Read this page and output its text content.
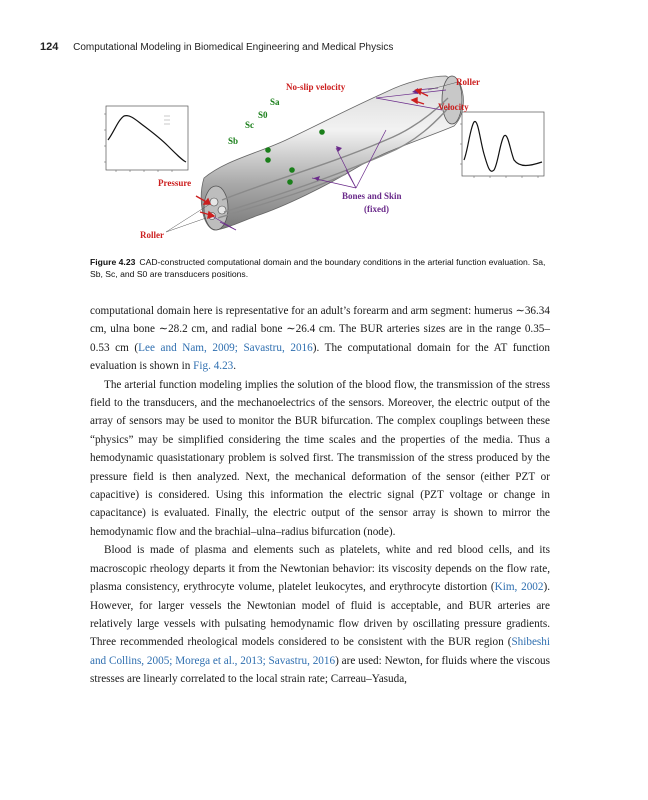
124 Computational Modeling in Biomedical Engineering and Medical Physics
No-slip velocity	Roller
Velocity
Sa
S0
Sc
Sb
Pressure
Bones and Skin
(fixed)
Roller
Figure 4.23 CAD-constructed computational domain and the boundary conditions in the arterial function evaluation. Sa, Sb, Sc, and S0 are transducers positions.

computational domain here is representative for an adult’s forearm and arm segment: humerus ∼36.34 cm, ulna bone ∼28.2 cm, and radial bone ∼26.4 cm. The BUR arteries sizes are in the range 0.35–0.53 cm (Lee and Nam, 2009; Savastru, 2016). The computational domain for the AT function evaluation is shown in Fig. 4.23.

The arterial function modeling implies the solution of the blood flow, the transmission of the stress field to the transducers, and the mechanoelectrics of the sensors. Moreover, the electric output of the array of sensors may be used to monitor the BUR bifurcation. The complex couplings between these “physics” may be simplified considering the time scales and the properties of the media. Thus a hemodynamic quasistationary problem is solved first. The transmission of the stress produced by the pressure field is then analyzed. Next, the mechanical deformation of the sensor (either PZT or capacitive) is considered. Using this information the electric signal (PZT voltage or change in capacitance) is evaluated. Finally, the electric output of the sensor array is shown to mirror the hemodynamic flow and the brachial–ulna–radius bifurcation (node).

Blood is made of plasma and elements such as platelets, white and red blood cells, and its macroscopic rheology departs it from the Newtonian behavior: its viscosity depends on the flow rate, plasma consistency, erythrocyte volume, platelet leukocytes, and erythrocyte distortion (Kim, 2002). However, for larger vessels the Newtonian model of fluid is acceptable, and BUR arteries are relatively large vessels with pulsating hemodynamic flow driven by oscillating pressure gradients. Three recommended rheological models considered to be consistent with the BUR region (Shibeshi and Collins, 2005; Morega et al., 2013; Savastru, 2016) are used: Newton, for fluids where the viscous stresses are linearly correlated to the local strain rate; Carreau–Yasuda,
